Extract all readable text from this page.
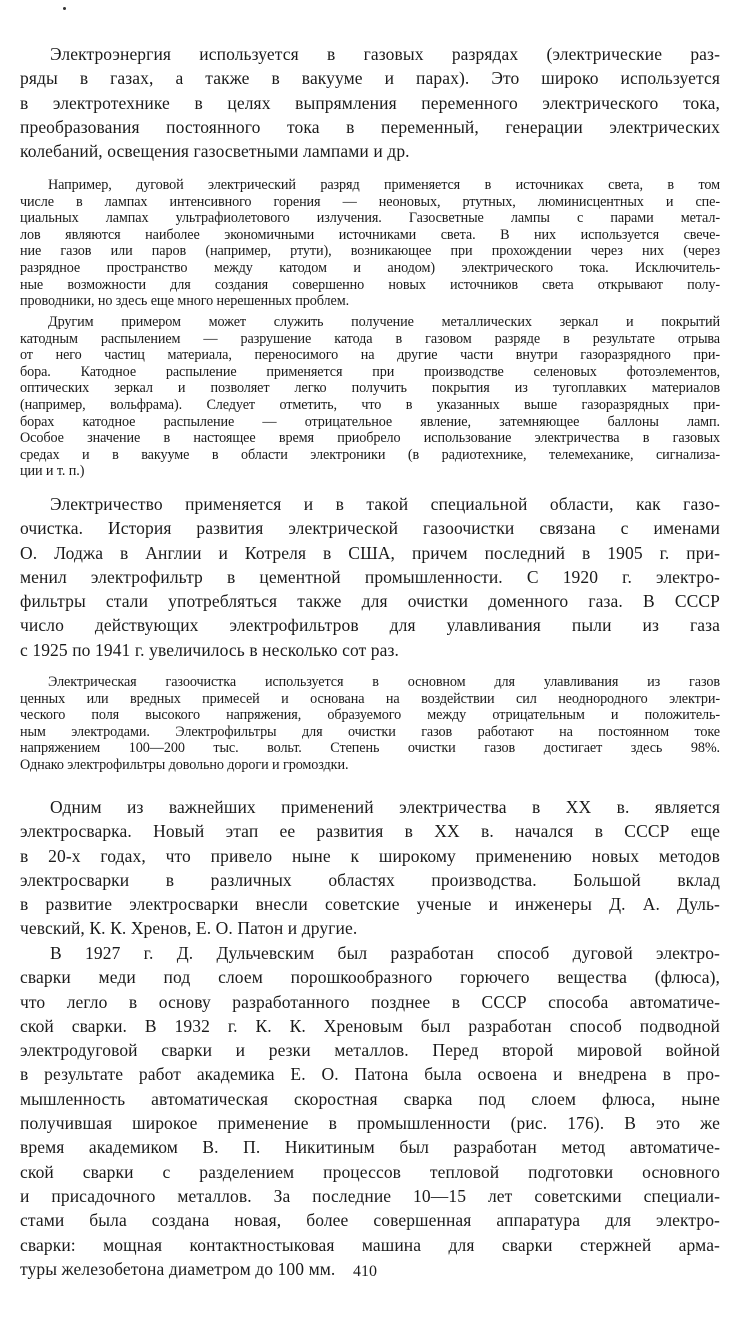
Электроэнергия используется в газовых разрядах (электрические раз-
ряды в газах, а также в вакууме и парах). Это широко используется
в электротехнике в целях выпрямления переменного электрического тока,
преобразования постоянного тока в переменный, генерации электрических
колебаний, освещения газосветными лампами и др.
Например, дуговой электрический разряд применяется в источниках света, в том
числе в лампах интенсивного горения — неоновых, ртутных, люминисцентных и спе-
циальных лампах ультрафиолетового излучения. Газосветные лампы с парами метал-
лов являются наиболее экономичными источниками света. В них используется свече-
ние газов или паров (например, ртути), возникающее при прохождении через них (через
разрядное пространство между катодом и анодом) электрического тока. Исключитель-
ные возможности для создания совершенно новых источников света открывают полу-
проводники, но здесь еще много нерешенных проблем.
Другим примером может служить получение металлических зеркал и покрытий
катодным распылением — разрушение катода в газовом разряде в результате отрыва
от него частиц материала, переносимого на другие части внутри газоразрядного при-
бора. Катодное распыление применяется при производстве селеновых фотоэлементов,
оптических зеркал и позволяет легко получить покрытия из тугоплавких материалов
(например, вольфрама). Следует отметить, что в указанных выше газоразрядных при-
борах катодное распыление — отрицательное явление, затемняющее баллоны ламп.
Особое значение в настоящее время приобрело использование электричества в газовых
средах и в вакууме в области электроники (в радиотехнике, телемеханике, сигнализа-
ции и т. п.)
Электричество применяется и в такой специальной области, как газо-
очистка. История развития электрической газоочистки связана с именами
О. Лоджа в Англии и Котреля в США, причем последний в 1905 г. при-
менил электрофильтр в цементной промышленности. С 1920 г. электро-
фильтры стали употребляться также для очистки доменного газа. В СССР
число действующих электрофильтров для улавливания пыли из газа
с 1925 по 1941 г. увеличилось в несколько сот раз.
Электрическая газоочистка используется в основном для улавливания из газов
ценных или вредных примесей и основана на воздействии сил неоднородного электри-
ческого поля высокого напряжения, образуемого между отрицательным и положитель-
ным электродами. Электрофильтры для очистки газов работают на постоянном токе
напряжением 100—200 тыс. вольт. Степень очистки газов достигает здесь 98%.
Однако электрофильтры довольно дороги и громоздки.
Одним из важнейших применений электричества в XX в. является
электросварка. Новый этап ее развития в XX в. начался в СССР еще
в 20-х годах, что привело ныне к широкому применению новых методов
электросварки в различных областях производства. Большой вклад
в развитие электросварки внесли советские ученые и инженеры Д. А. Дуль-
чевский, К. К. Хренов, Е. О. Патон и другие.
В 1927 г. Д. Дульчевским был разработан способ дуговой электро-
сварки меди под слоем порошкообразного горючего вещества (флюса),
что легло в основу разработанного позднее в СССР способа автоматиче-
ской сварки. В 1932 г. К. К. Хреновым был разработан способ подводной
электродуговой сварки и резки металлов. Перед второй мировой войной
в результате работ академика Е. О. Патона была освоена и внедрена в про-
мышленность автоматическая скоростная сварка под слоем флюса, ныне
получившая широкое применение в промышленности (рис. 176). В это же
время академиком В. П. Никитиным был разработан метод автоматиче-
ской сварки с разделением процессов тепловой подготовки основного
и присадочного металлов. За последние 10—15 лет советскими специали-
стами была создана новая, более совершенная аппаратура для электро-
сварки: мощная контактностыковая машина для сварки стержней арма-
туры железобетона диаметром до 100 мм.	410
